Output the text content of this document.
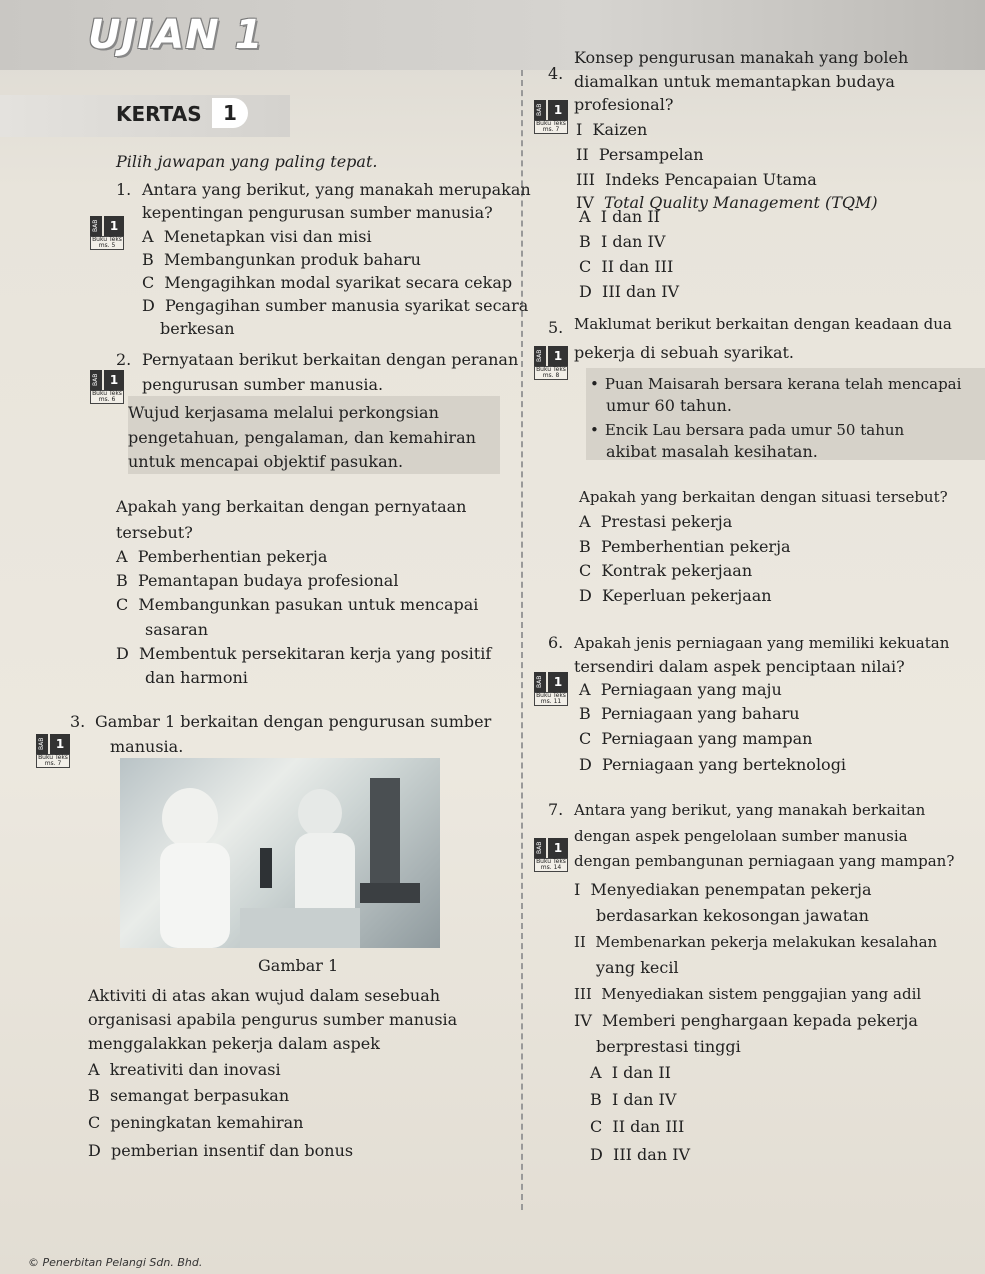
UJIAN 1
KERTAS	1
Pilih jawapan yang paling tepat.
1. Antara yang berikut, yang manakah merupakan
kepentingan pengurusan sumber manusia?
BAB 1
Buku Teks
ms. 5	A Menetapkan visi dan misi
B Membangunkan produk baharu
C Mengagihkan modal syarikat secara cekap
D Pengagihan sumber manusia syarikat secara
berkesan
2. Pernyataan berikut berkaitan dengan peranan
pengurusan sumber manusia.
BAB 1
Buku Teks
ms. 6
Wujud kerjasama melalui perkongsian
pengetahuan, pengalaman, dan kemahiran
untuk mencapai objektif pasukan.
Apakah yang berkaitan dengan pernyataan
tersebut?
A Pemberhentian pekerja
B Pemantapan budaya profesional
C Membangunkan pasukan untuk mencapai
sasaran
D Membentuk persekitaran kerja yang positif
dan harmoni
3. Gambar 1 berkaitan dengan pengurusan sumber
manusia.
BAB 1
Buku Teks
ms. 7
Gambar 1
Aktiviti di atas akan wujud dalam sesebuah
organisasi apabila pengurus sumber manusia
menggalakkan pekerja dalam aspek
A kreativiti dan inovasi
B semangat berpasukan
C peningkatan kemahiran
D pemberian insentif dan bonus
4.
Konsep pengurusan manakah yang boleh
diamalkan untuk memantapkan budaya
profesional?
BAB 1
Buku Teks
ms. 7	I Kaizen
II Persampelan
III Indeks Pencapaian Utama
IV Total Quality Management (TQM)
A I dan II
B I dan IV
C II dan III
D III dan IV
5. Maklumat berikut berkaitan dengan keadaan dua
pekerja di sebuah syarikat.
BAB 1
Buku Teks
ms. 8
•	Puan Maisarah bersara kerana telah mencapai
umur 60 tahun.
• Encik Lau bersara pada umur 50 tahun
akibat masalah kesihatan.
Apakah yang berkaitan dengan situasi tersebut?
A Prestasi pekerja
B Pemberhentian pekerja
C Kontrak pekerjaan
D Keperluan pekerjaan
6. Apakah jenis perniagaan yang memiliki kekuatan
tersendiri dalam aspek penciptaan nilai?
BAB 1
Buku Teks
ms. 11
A Perniagaan yang maju
B Perniagaan yang baharu
C Perniagaan yang mampan
D Perniagaan yang berteknologi
7. Antara yang berikut, yang manakah berkaitan
dengan aspek pengelolaan sumber manusia
dengan pembangunan perniagaan yang mampan?
BAB 1
Buku Teks
ms. 14
I Menyediakan penempatan pekerja
berdasarkan kekosongan jawatan
II Membenarkan pekerja melakukan kesalahan
yang kecil
III Menyediakan sistem penggajian yang adil
IV Memberi penghargaan kepada pekerja
berprestasi tinggi
A I dan II
B I dan IV
C II dan III
D III dan IV
© Penerbitan Pelangi Sdn. Bhd.
